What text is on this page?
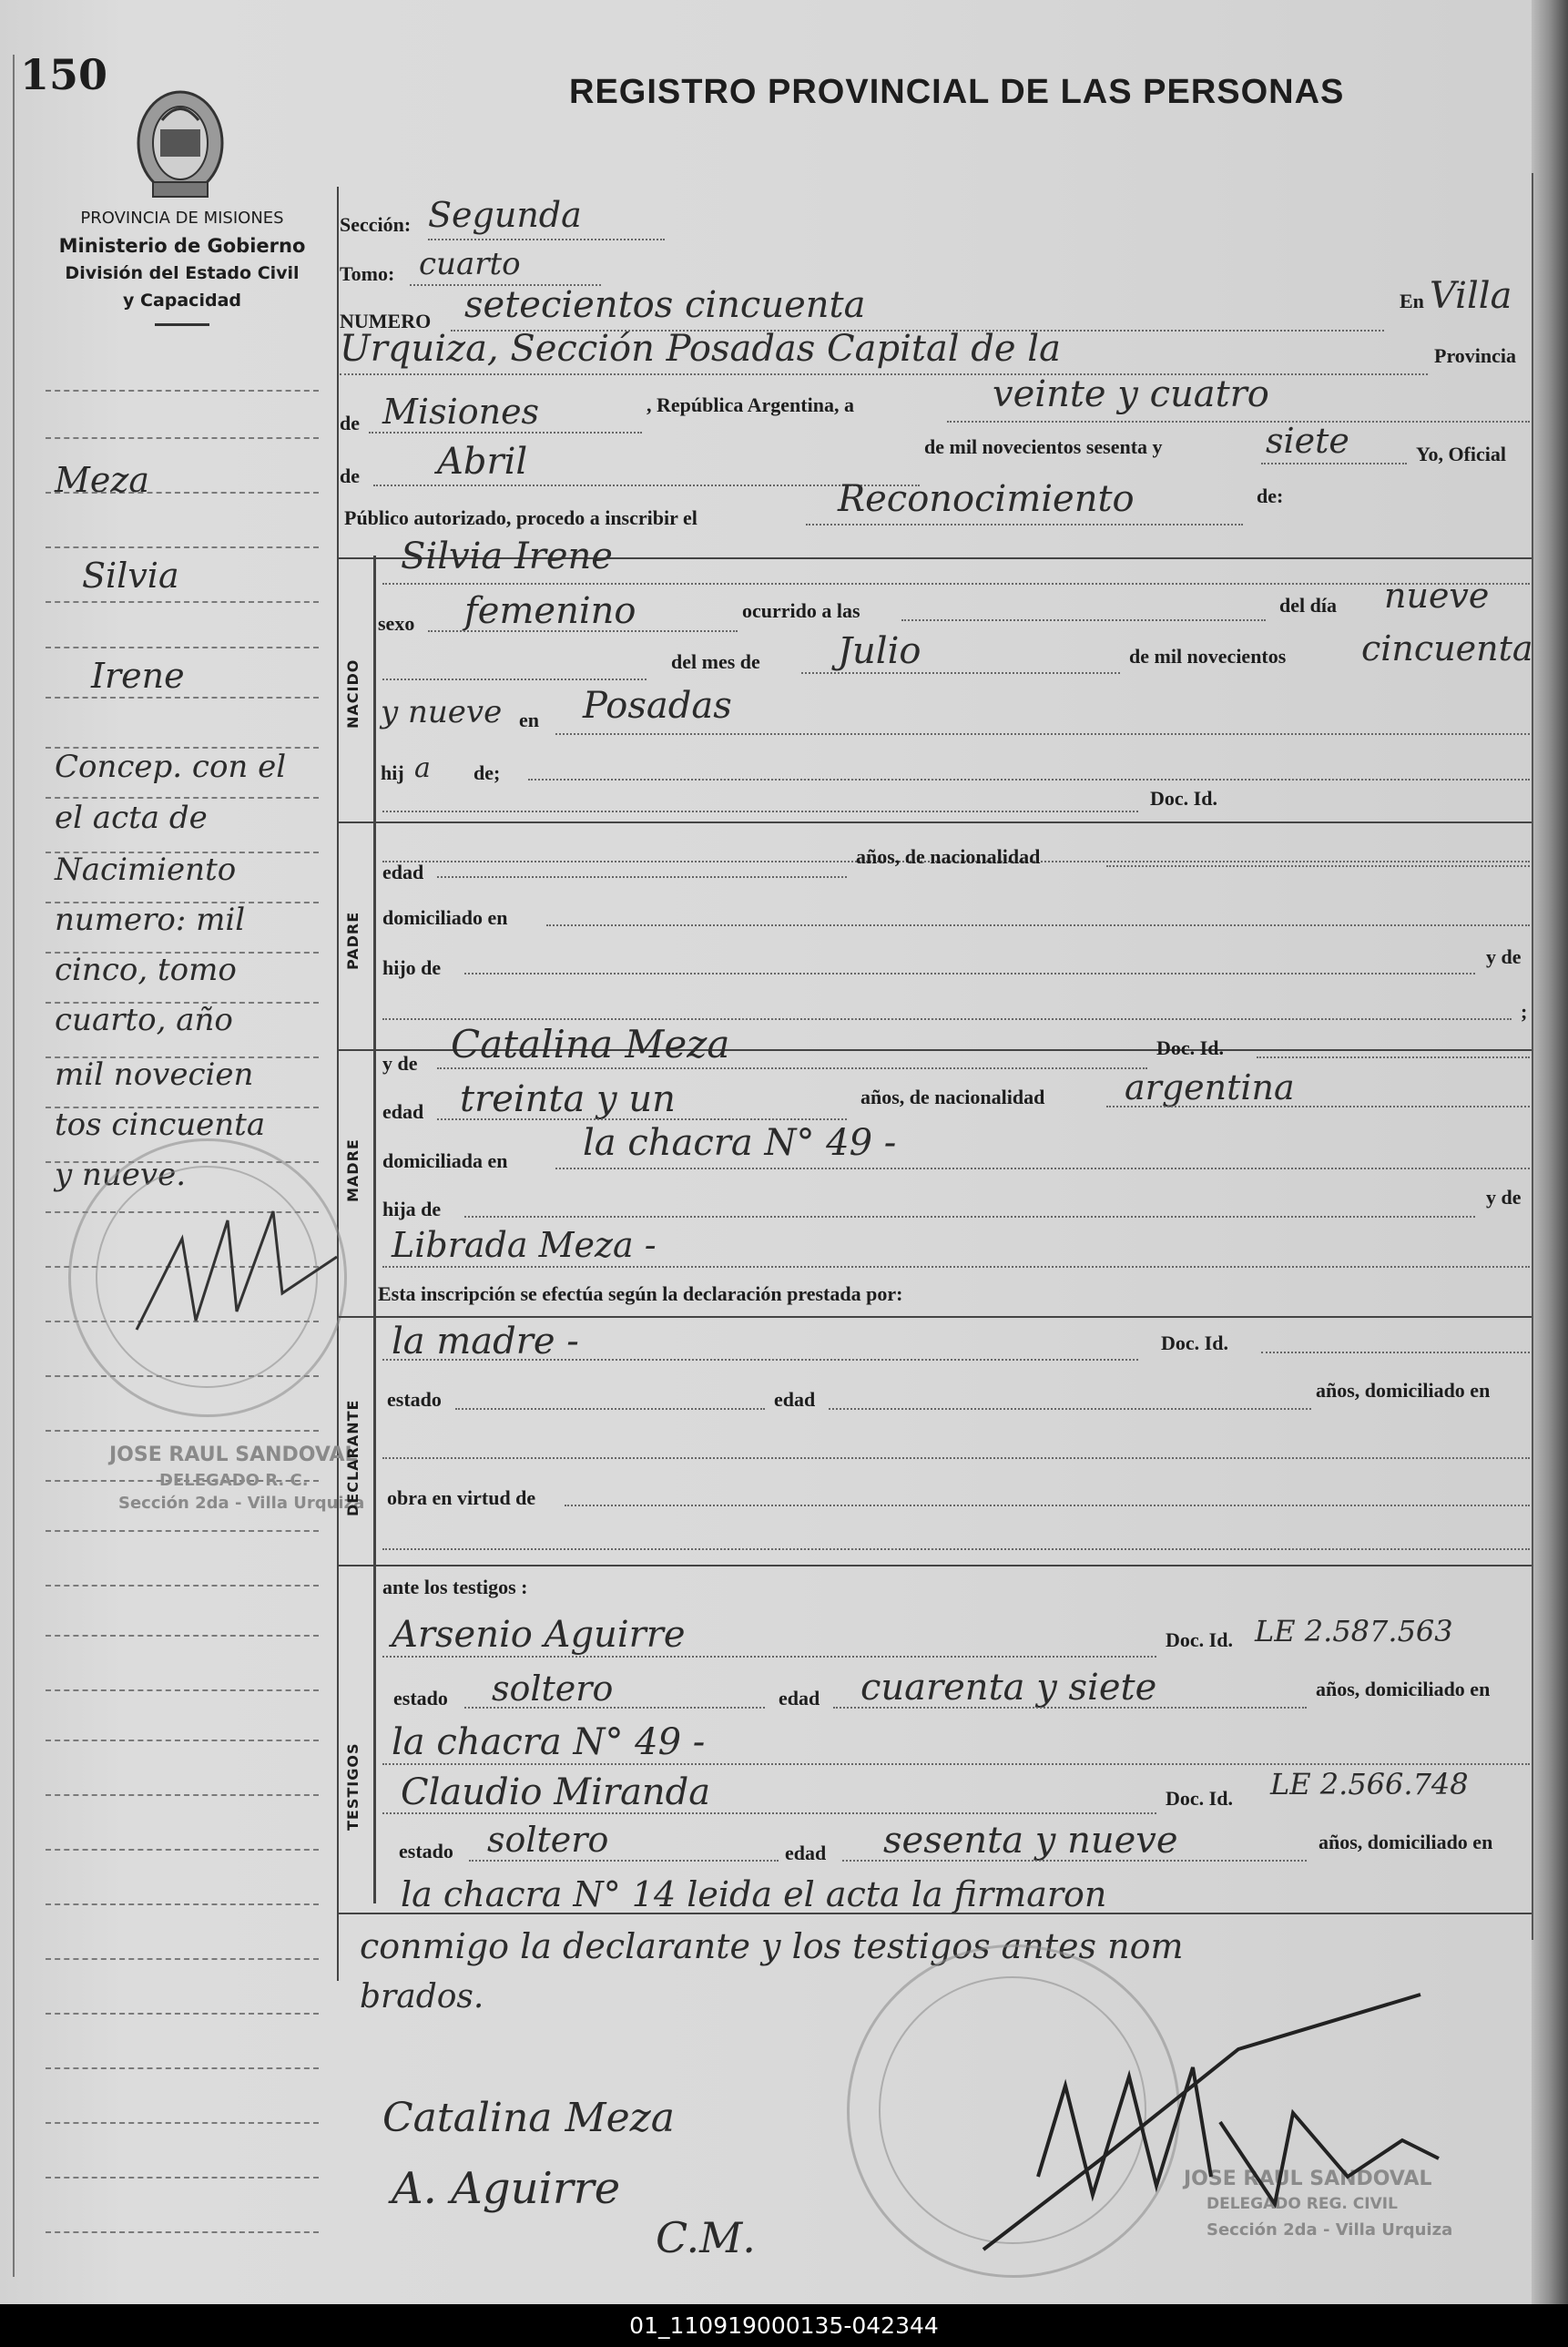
150	REGISTRO PROVINCIAL DE LAS PERSONAS
PROVINCIA DE MISIONES
Ministerio de Gobierno
División del Estado Civil
y Capacidad
Meza
Silvia
Irene
Concep. con el
el acta de
Nacimiento
numero: mil
cinco, tomo
cuarto, año
mil novecien
tos cincuenta
y nueve.
JOSE RAUL SANDOVAL
DELEGADO R. C.
Sección 2da - Villa Urquiza
Sección: Segunda
Tomo: cuarto
NUMERO setecientos cincuenta	En Villa
Urquiza, Sección Posadas Capital de la	Provincia
de Misiones	, República Argentina, a	veinte y cuatro
de Abril	de mil novecientos sesenta y	siete	Yo, Oficial
Público autorizado, procedo a inscribir el	Reconocimiento	de:
NACIDO
PADRE
MADRE
DECLARANTE
TESTIGOS
Silvia Irene
sexo femenino	ocurrido a las	del día nueve
del mes de Julio	de mil novecientos cincuenta
y nueve en Posadas
hij a de;
Doc. Id.
edad
años, de nacionalidad
domiciliado en
hijo de	y de
;
y de Catalina Meza	Doc. Id.
edad treinta y un	años, de nacionalidad argentina
domiciliada en la chacra N° 49 -
hija de
y de
Librada Meza -
Esta inscripción se efectúa según la declaración prestada por:
la madre -	Doc. Id.
estado	edad	años, domiciliado en
obra en virtud de
ante los testigos :
Arsenio Aguirre	Doc. Id. LE 2.587.563
estado soltero	edad cuarenta y siete	años, domiciliado en
la chacra N° 49 -
Claudio Miranda	Doc. Id. LE 2.566.748
estado soltero	edad sesenta y nueve	años, domiciliado en
la chacra N° 14 leida el acta la firmaron
conmigo la declarante y los testigos antes nom
brados.
JOSE RAUL SANDOVAL
DELEGADO REG. CIVIL
Sección 2da - Villa Urquiza
Catalina Meza
A. Aguirre
C.M.
01_110919000135-042344
